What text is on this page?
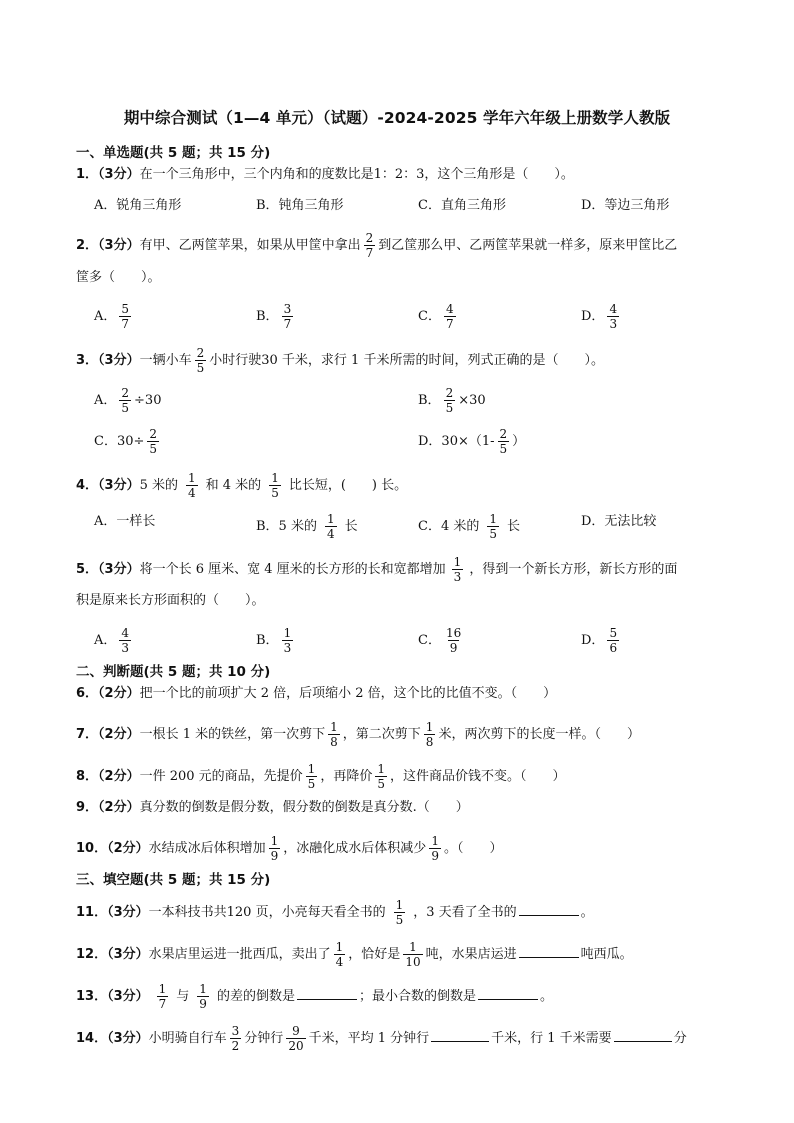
期中综合测试（1—4 单元）（试题）-2024-2025 学年六年级上册数学人教版
一、单选题(共 5 题；共 15 分)
1．（3分）在一个三角形中，三个内角和的度数比是1：2：3，这个三角形是（　　）。
A．锐角三角形	B．钝角三角形	C．直角三角形	D．等边三角形
2．（3分）有甲、乙两筐苹果，如果从甲筐中拿出 $\frac{2}{7}$ 到乙筐那么甲、乙两筐苹果就一样多，原来甲筐比乙
筐多（　　）。
A． $\frac{5}{7}$	B． $\frac{3}{7}$	C． $\frac{4}{7}$	D． $\frac{4}{3}$
3．（3分）一辆小车 $\frac{2}{5}$ 小时行驶30 千米，求行 1 千米所需的时间，列式正确的是（　　）。
A． $\frac{2}{5} \div 30$	B． $\frac{2}{5} \times 30$
C．$30\div \frac{2}{5}$	D．$30\times(1- \frac{2}{5}$ ）
4．（3分）5 米的 $\frac{1}{4}$ 和 4 米的 $\frac{1}{5}$ 比长短，(　　) 长。
A．一样长	B．5 米的 $\frac{1}{4}$ 长	C．4 米的 $\frac{1}{5}$ 长	D．无法比较
5．（3分）将一个长 6 厘米、宽 4 厘米的长方形的长和宽都增加 $\frac{1}{3}$ ，得到一个新长方形，新长方形的面
积是原来长方形面积的（　　）。
A． $\frac{4}{3}$	B． $\frac{1}{3}$	C． $\frac{16}{9}$	D． $\frac{5}{6}$
二、判断题(共 5 题；共 10 分)
6．（2分）把一个比的前项扩大 2 倍，后项缩小 2 倍，这个比的比值不变。（　　）
7．（2分）一根长 1 米的铁丝，第一次剪下 $\frac{1}{8}$ ，第二次剪下 $\frac{1}{8}$ 米，两次剪下的长度一样。（　　）
8．（2分）一件 200 元的商品，先提价 $\frac{1}{5}$ ，再降价 $\frac{1}{5}$ ，这件商品价钱不变。（　　）
9．（2分）真分数的倒数是假分数，假分数的倒数是真分数.（　　）
10．（2分）水结成冰后体积增加 $\frac{1}{9}$ ，冰融化成水后体积减少 $\frac{1}{9}$ 。（　　）
三、填空题(共 5 题；共 15 分)
11．（3分）一本科技书共120 页，小亮每天看全书的 $\frac{1}{5}$ ，3 天看了全书的	。
12．（3分）水果店里运进一批西瓜，卖出了 $\frac{1}{4}$ ，恰好是 $\frac{1}{10}$ 吨，水果店运进	吨西瓜。
13．（3分） $\frac{1}{7}$ 与 $\frac{1}{9}$ 的差的倒数是	；最小合数的倒数是	。
14．（3分）小明骑自行车 $\frac{3}{2}$ 分钟行 $\frac{9}{20}$ 千米，平均 1 分钟行	千米，行 1 千米需要	分
